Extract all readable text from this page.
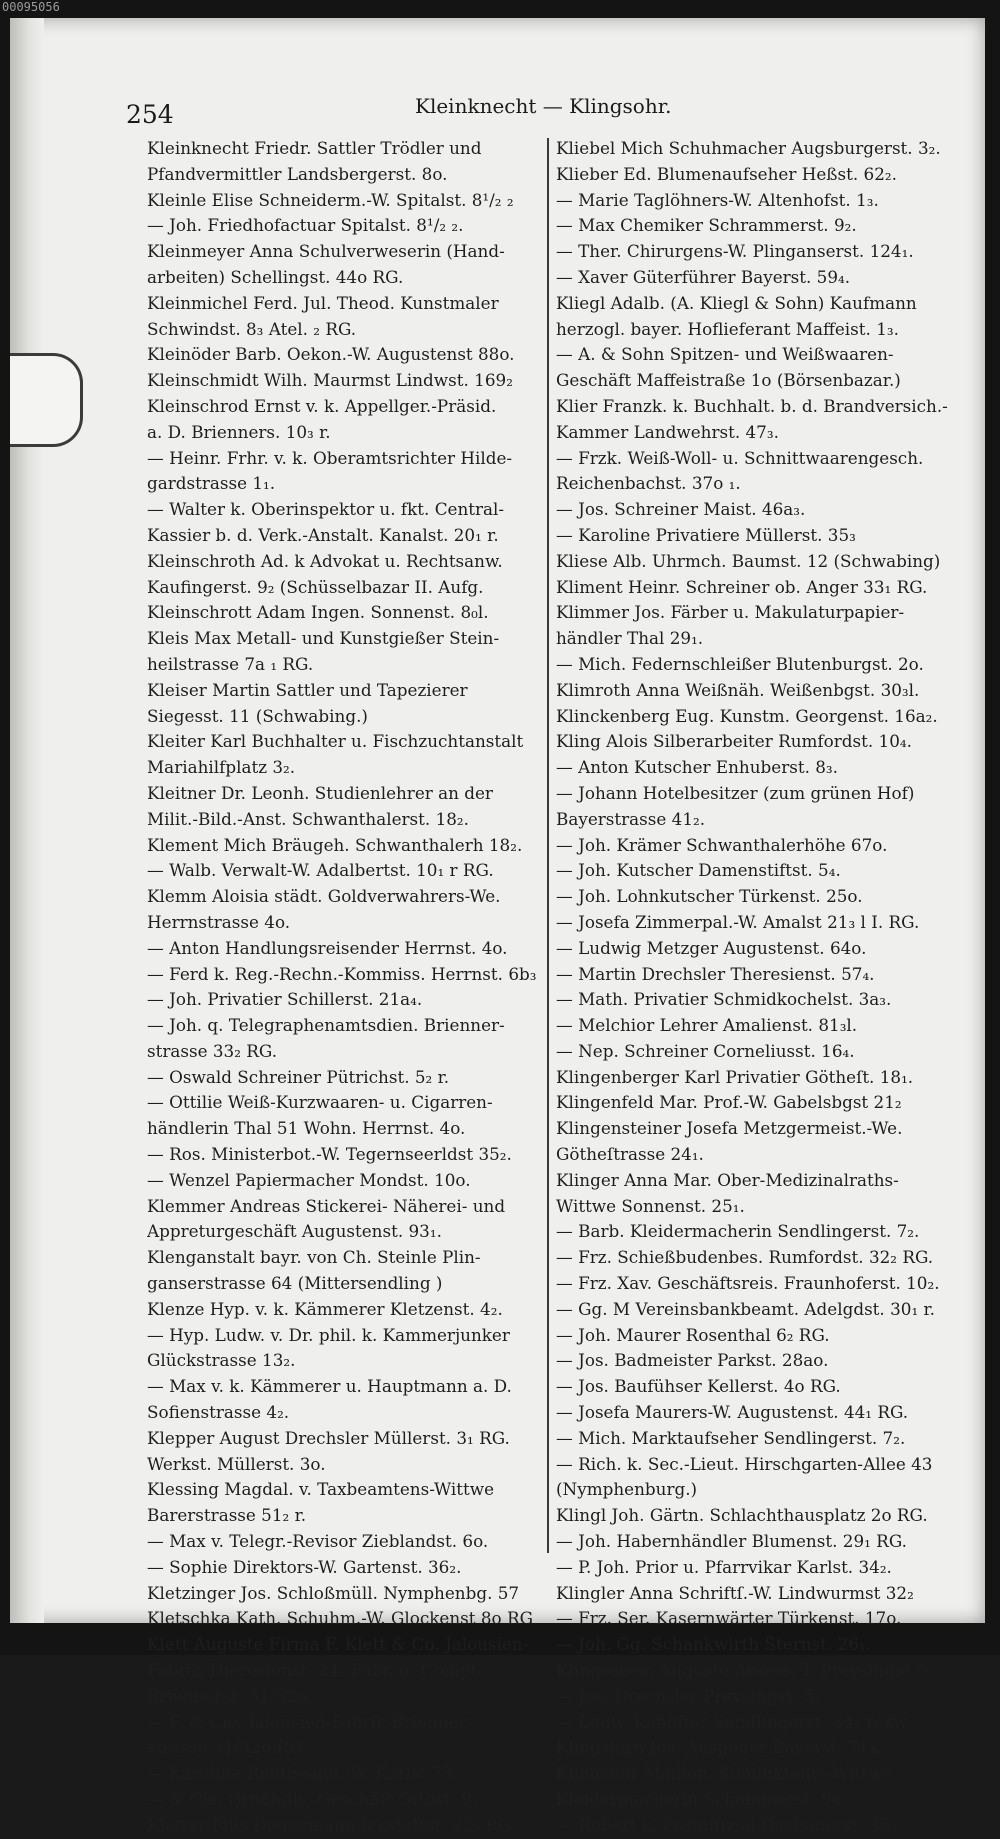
00095056
254	Kleinknecht — Klingsohr.
Kleinknecht Friedr. Sattler Trödler und
Pfandvermittler Landsbergerst. 8o.
Kleinle Elise Schneiderm.-W. Spitalst. 8¹/₂ ₂
— Joh. Friedhofactuar Spitalst. 8¹/₂ ₂.
Kleinmeyer Anna Schulverweserin (Hand-
arbeiten) Schellingst. 44o RG.
Kleinmichel Ferd. Jul. Theod. Kunstmaler
Schwindst. 8₃ Atel. ₂ RG.
Kleinöder Barb. Oekon.-W. Augustenst 88o.
Kleinschmidt Wilh. Maurmst Lindwst. 169₂
Kleinschrod Ernst v. k. Appellger.-Präsid.
a. D. Brienners. 10₃ r.
— Heinr. Frhr. v. k. Oberamtsrichter Hilde-
gardstrasse 1₁.
— Walter k. Oberinspektor u. fkt. Central-
Kassier b. d. Verk.-Anstalt. Kanalst. 20₁ r.
Kleinschroth Ad. k Advokat u. Rechtsanw.
Kaufingerst. 9₂ (Schüsselbazar II. Aufg.
Kleinschrott Adam Ingen. Sonnenst. 8₀l.
Kleis Max Metall- und Kunstgießer Stein-
heilstrasse 7a ₁ RG.
Kleiser Martin Sattler und Tapezierer
Siegesst. 11 (Schwabing.)
Kleiter Karl Buchhalter u. Fischzuchtanstalt
Mariahilfplatz 3₂.
Kleitner Dr. Leonh. Studienlehrer an der
Milit.-Bild.-Anst. Schwanthalerst. 18₂.
Klement Mich Bräugeh. Schwanthalerh 18₂.
— Walb. Verwalt-W. Adalbertst. 10₁ r RG.
Klemm Aloisia städt. Goldverwahrers-We.
Herrnstrasse 4o.
— Anton Handlungsreisender Herrnst. 4o.
— Ferd k. Reg.-Rechn.-Kommiss. Herrnst. 6b₃
— Joh. Privatier Schillerst. 21a₄.
— Joh. q. Telegraphenamtsdien. Brienner-
strasse 33₂ RG.
— Oswald Schreiner Pütrichst. 5₂ r.
— Ottilie Weiß-Kurzwaaren- u. Cigarren-
händlerin Thal 51 Wohn. Herrnst. 4o.
— Ros. Ministerbot.-W. Tegernseerldst 35₂.
— Wenzel Papiermacher Mondst. 10o.
Klemmer Andreas Stickerei- Näherei- und
Appreturgeschäft Augustenst. 93₁.
Klenganstalt bayr. von Ch. Steinle Plin-
ganserstrasse 64 (Mittersendling )
Klenze Hyp. v. k. Kämmerer Kletzenst. 4₂.
— Hyp. Ludw. v. Dr. phil. k. Kammerjunker
Glückstrasse 13₂.
— Max v. k. Kämmerer u. Hauptmann a. D.
Sofienstrasse 4₂.
Klepper August Drechsler Müllerst. 3₁ RG.
Werkst. Müllerst. 3o.
Klessing Magdal. v. Taxbeamtens-Wittwe
Barerstrasse 51₂ r.
— Max v. Telegr.-Revisor Zieblandst. 6o.
— Sophie Direktors-W. Gartenst. 36₂.
Kletzinger Jos. Schloßmüll. Nymphenbg. 57
Kletschka Kath. Schuhm.-W. Glockenst 8o RG
Klett Auguste Firma F. Klett & Co. Jalousien-
Fabrik Theresienst. 24₃ Fabr. u. Compt.
Briennerst. 31/32o.
— F. & Cie. Jalousien-Fabrik Brienner-
strasse 31/32o RG.
— Karoline Rentbeamt.-W. Karlst 75₂.
— & Cie. Großhdls.-Geschäft Ottost. 9.
Kletter Pius Dienstmann Ickstattst. 22₃ RG.
Kliebel Mich Schuhmacher Augsburgerst. 3₂.
Klieber Ed. Blumenaufseher Heßst. 62₂.
— Marie Taglöhners-W. Altenhofst. 1₃.
— Max Chemiker Schrammerst. 9₂.
— Ther. Chirurgens-W. Plinganserst. 124₁.
— Xaver Güterführer Bayerst. 59₄.
Kliegl Adalb. (A. Kliegl & Sohn) Kaufmann
herzogl. bayer. Hoflieferant Maffeist. 1₃.
— A. & Sohn Spitzen- und Weißwaaren-
Geschäft Maffeistraße 1o (Börsenbazar.)
Klier Franzk. k. Buchhalt. b. d. Brandversich.-
Kammer Landwehrst. 47₃.
— Frzk. Weiß-Woll- u. Schnittwaarengesch.
Reichenbachst. 37o ₁.
— Jos. Schreiner Maist. 46a₃.
— Karoline Privatiere Müllerst. 35₃
Kliese Alb. Uhrmch. Baumst. 12 (Schwabing)
Kliment Heinr. Schreiner ob. Anger 33₁ RG.
Klimmer Jos. Färber u. Makulaturpapier-
händler Thal 29₁.
— Mich. Federnschleißer Blutenburgst. 2o.
Klimroth Anna Weißnäh. Weißenbgst. 30₃l.
Klinckenberg Eug. Kunstm. Georgenst. 16a₂.
Kling Alois Silberarbeiter Rumfordst. 10₄.
— Anton Kutscher Enhuberst. 8₃.
— Johann Hotelbesitzer (zum grünen Hof)
Bayerstrasse 41₂.
— Joh. Krämer Schwanthalerhöhe 67o.
— Joh. Kutscher Damenstiftst. 5₄.
— Joh. Lohnkutscher Türkenst. 25o.
— Josefa Zimmerpal.-W. Amalst 21₃ l I. RG.
— Ludwig Metzger Augustenst. 64o.
— Martin Drechsler Theresienst. 57₄.
— Math. Privatier Schmidkochelst. 3a₃.
— Melchior Lehrer Amalienst. 81₃l.
— Nep. Schreiner Corneliusst. 16₄.
Klingenberger Karl Privatier Götheſt. 18₁.
Klingenfeld Mar. Prof.-W. Gabelsbgst 21₂
Klingensteiner Josefa Metzgermeist.-We.
Götheſtrasse 24₁.
Klinger Anna Mar. Ober-Medizinalraths-
Wittwe Sonnenst. 25₁.
— Barb. Kleidermacherin Sendlingerst. 7₂.
— Frz. Schießbudenbes. Rumfordst. 32₂ RG.
— Frz. Xav. Geschäftsreis. Fraunhoferst. 10₂.
— Gg. M Vereinsbankbeamt. Adelgdst. 30₁ r.
— Joh. Maurer Rosenthal 6₂ RG.
— Jos. Badmeister Parkst. 28ao.
— Jos. Baufühser Kellerst. 4o RG.
— Josefa Maurers-W. Augustenst. 44₁ RG.
— Mich. Marktaufseher Sendlingerst. 7₂.
— Rich. k. Sec.-Lieut. Hirschgarten-Allee 43
(Nymphenburg.)
Klingl Joh. Gärtn. Schlachthausplatz 2o RG.
— Joh. Habernhändler Blumenst. 29₁ RG.
— P. Joh. Prior u. Pfarrvikar Karlst. 34₂.
Klingler Anna Schriftſ.-W. Lindwurmst 32₂
— Frz. Ser. Kasernwärter Türkenst. 17o.
— Joh. Gg. Schankwirth Sternst. 26₁.
Klingseisen Auguste Assess.-T. Preysingst 5₂
— Jos. Drechsler Preysingst. 5₂.
— Ludw. Konditor Sendlingerst. 34₂ rckw.
Klingshirn Jos. Ausgeher Bayerst. 71₄.
Klingsohr Madlon. Kondukteurs-Wittwe
Kleidermacherin Schommerst. 9o.
— Robert k. Postoffizial Dachauerst. 35₃.
